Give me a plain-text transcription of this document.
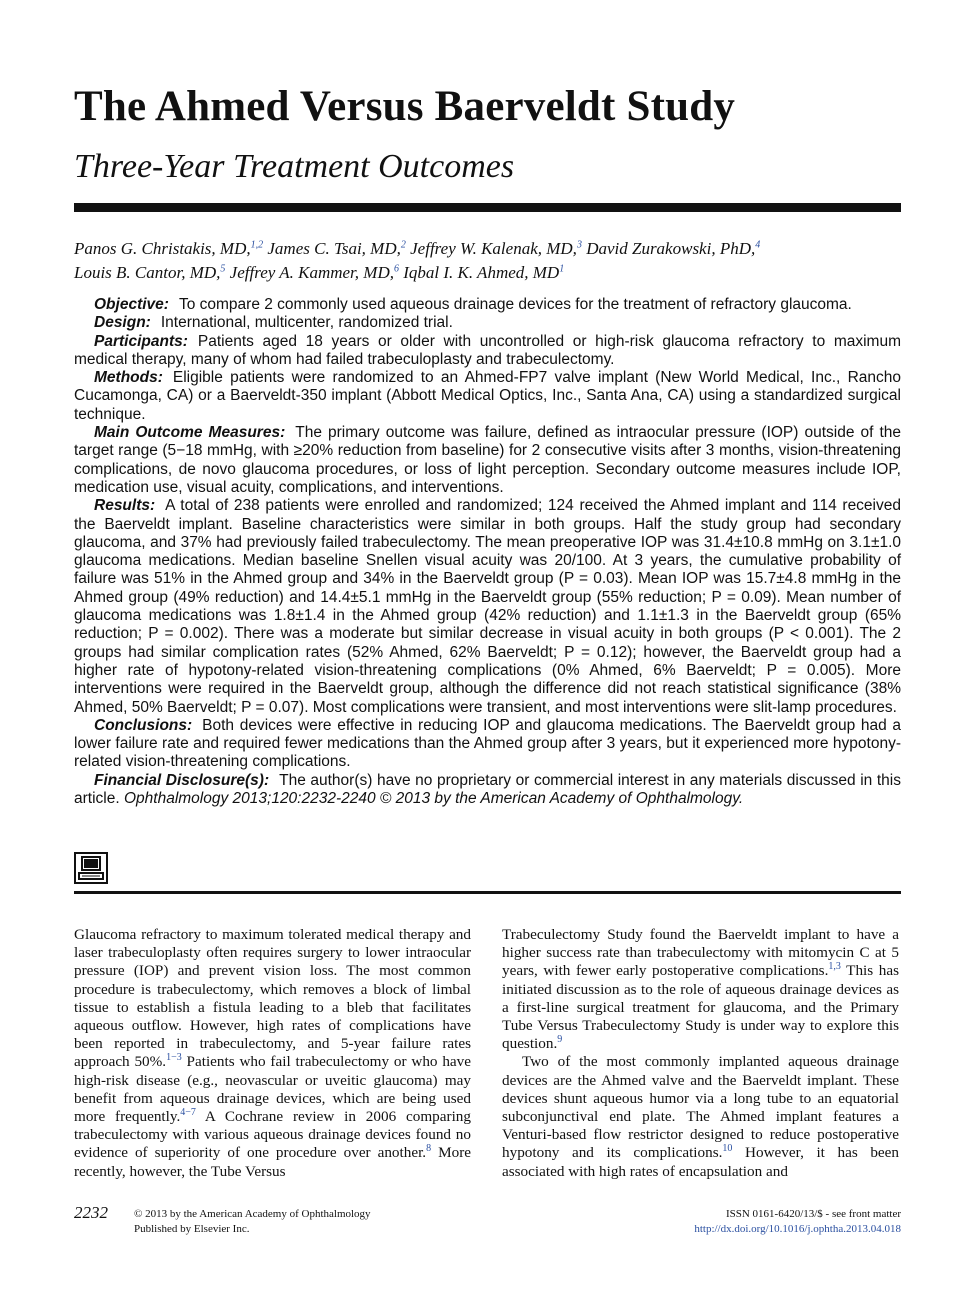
The Ahmed Versus Baerveldt Study
Three-Year Treatment Outcomes
Panos G. Christakis, MD,$^{1,2}$ James C. Tsai, MD,$^2$ Jeffrey W. Kalenak, MD,$^3$ David Zurakowski, PhD,$^4$
Louis B. Cantor, MD,$^5$ Jeffrey A. Kammer, MD,$^6$ Iqbal I. K. Ahmed, $MD^1$

Objective: To compare 2 commonly used aqueous drainage devices for the treatment of refractory glaucoma.

Design: International, multicenter, randomized trial.

Participants: Patients aged 18 years or older with uncontrolled or high-risk glaucoma refractory to maximum medical therapy, many of whom had failed trabeculoplasty and trabeculectomy.

Methods: Eligible patients were randomized to an Ahmed-FP7 valve implant (New World Medical, Inc., Rancho Cucamonga, CA) or a Baerveldt-350 implant (Abbott Medical Optics, Inc., Santa Ana, CA) using a standardized surgical technique.

Main Outcome Measures: The primary outcome was failure, defined as intraocular pressure (IOP) outside of the target range (5−18 mmHg, with ≥20% reduction from baseline) for 2 consecutive visits after 3 months, vision-threatening complications, de novo glaucoma procedures, or loss of light perception. Secondary outcome measures include IOP, medication use, visual acuity, complications, and interventions.

Results: A total of 238 patients were enrolled and randomized; 124 received the Ahmed implant and 114 received the Baerveldt implant. Baseline characteristics were similar in both groups. Half the study group had secondary glaucoma, and 37% had previously failed trabeculectomy. The mean preoperative IOP was 31.4±10.8 mmHg on 3.1±1.0 glaucoma medications. Median baseline Snellen visual acuity was 20/100. At 3 years, the cumulative probability of failure was 51% in the Ahmed group and 34% in the Baerveldt group (P = 0.03). Mean IOP was 15.7±4.8 mmHg in the Ahmed group (49% reduction) and 14.4±5.1 mmHg in the Baerveldt group (55% reduction; P = 0.09). Mean number of glaucoma medications was 1.8±1.4 in the Ahmed group (42% reduction) and 1.1±1.3 in the Baerveldt group (65% reduction; P = 0.002). There was a moderate but similar decrease in visual acuity in both groups (P < 0.001). The 2 groups had similar complication rates (52% Ahmed, 62% Baerveldt; P = 0.12); however, the Baerveldt group had a higher rate of hypotony-related vision-threatening complications (0% Ahmed, 6% Baerveldt; P = 0.005). More interventions were required in the Baerveldt group, although the difference did not reach statistical significance (38% Ahmed, 50% Baerveldt; P = 0.07). Most complications were transient, and most interventions were slit-lamp procedures.

Conclusions: Both devices were effective in reducing IOP and glaucoma medications. The Baerveldt group had a lower failure rate and required fewer medications than the Ahmed group after 3 years, but it experienced more hypotony-related vision-threatening complications.

Financial Disclosure(s): The author(s) have no proprietary or commercial interest in any materials discussed in this article. Ophthalmology 2013;120:2232-2240 © 2013 by the American Academy of Ophthalmology.

Glaucoma refractory to maximum tolerated medical therapy and laser trabeculoplasty often requires surgery to lower intraocular pressure (IOP) and prevent vision loss. The most common procedure is trabeculectomy, which removes a block of limbal tissue to establish a fistula leading to a bleb that facilitates aqueous outflow. However, high rates of complications have been reported in trabeculectomy, and 5-year failure rates approach 50%.$^{1-3}$ Patients who fail trabeculectomy or who have high-risk disease (e.g., neovascular or uveitic glaucoma) may benefit from aqueous drainage devices, which are being used more frequently.$^{4-7}$ A Cochrane review in 2006 comparing trabeculectomy with various aqueous drainage devices found no evidence of superiority of one procedure over another.$^8$ More recently, however, the Tube Versus

Trabeculectomy Study found the Baerveldt implant to have a higher success rate than trabeculectomy with mitomycin C at 5 years, with fewer early postoperative complications.$^{1,3}$ This has initiated discussion as to the role of aqueous drainage devices as a first-line surgical treatment for glaucoma, and the Primary Tube Versus Trabeculectomy Study is under way to explore this question.$^9$

Two of the most commonly implanted aqueous drainage devices are the Ahmed valve and the Baerveldt implant. These devices shunt aqueous humor via a long tube to an equatorial subconjunctival end plate. The Ahmed implant features a Venturi-based flow restrictor designed to reduce postoperative hypotony and its complications.$^{10}$ However, it has been associated with high rates of encapsulation and

2232 © 2013 by the American Academy of Ophthalmology
Published by Elsevier Inc.
ISSN 0161-6420/13/$ - see front matter
http://dx.doi.org/10.1016/j.ophtha.2013.04.018
